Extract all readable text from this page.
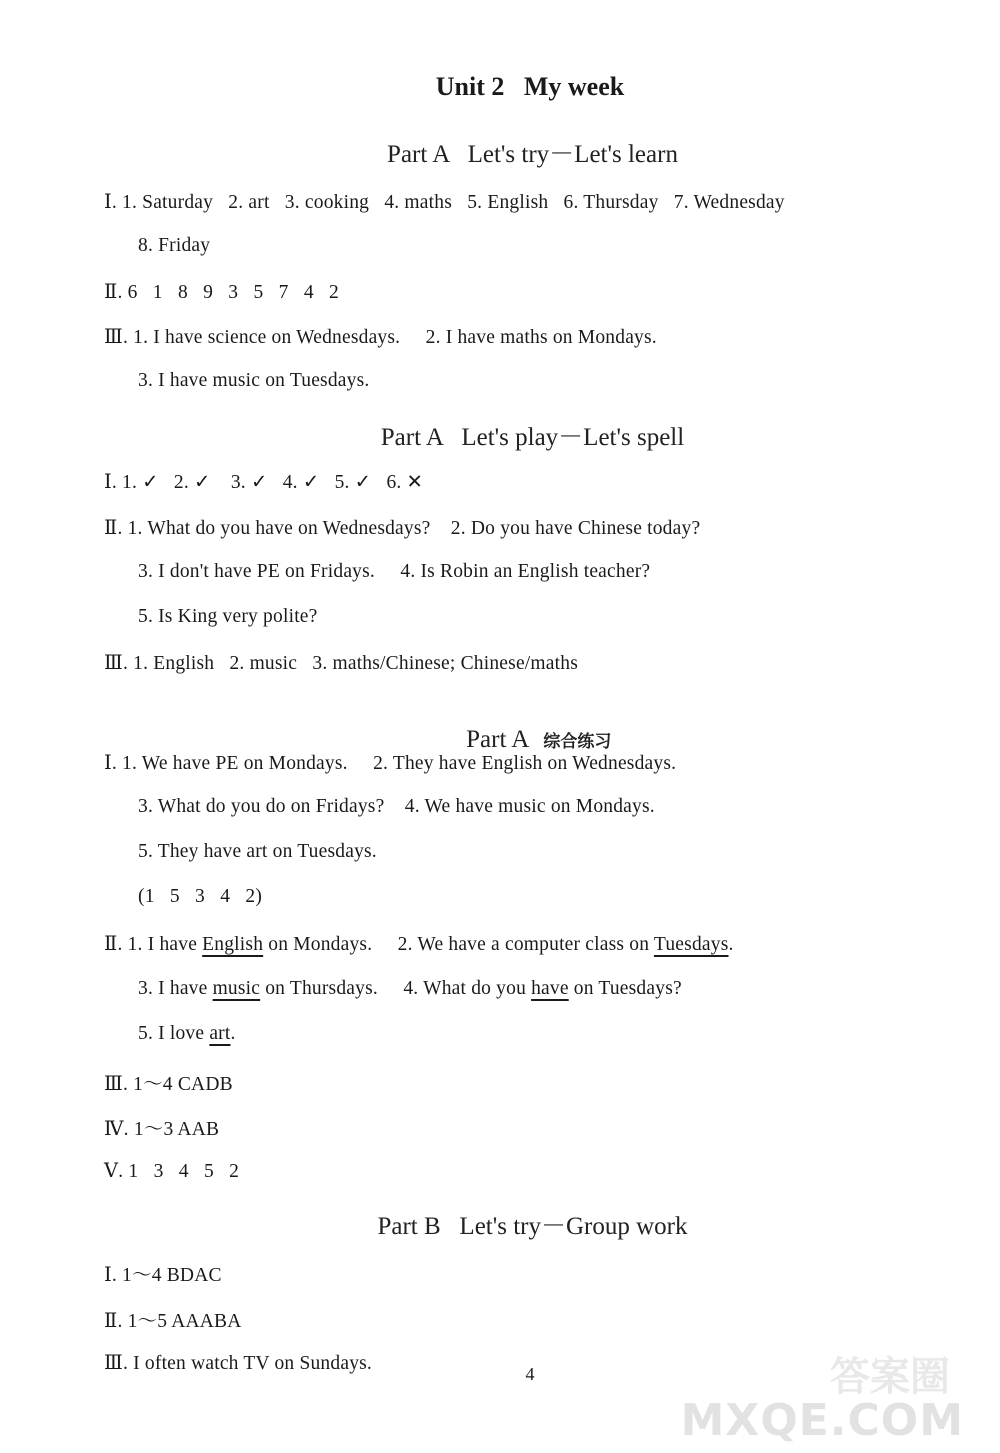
Unit 2   My week
Part A   Let's try－Let's learn
Ⅰ. 1. Saturday   2. art   3. cooking   4. maths   5. English   6. Thursday   7. Wednesday
8. Friday
Ⅱ. 6   1   8   9   3   5   7   4   2
Ⅲ. 1. I have science on Wednesdays.     2. I have maths on Mondays.
3. I have music on Tuesdays.
Part A   Let's play－Let's spell
Ⅰ. 1. ✓   2. ✓    3. ✓   4. ✓   5. ✓   6. ✕
Ⅱ. 1. What do you have on Wednesdays?    2. Do you have Chinese today?
3. I don't have PE on Fridays.     4. Is Robin an English teacher?
5. Is King very polite?
Ⅲ. 1. English   2. music   3. maths/Chinese; Chinese/maths

Part A 综合练习

Ⅰ. 1. We have PE on Mondays.     2. They have English on Wednesdays.
3. What do you do on Fridays?    4. We have music on Mondays.
5. They have art on Tuesdays.
(1   5   3   4   2)
Ⅱ. 1. I have English on Mondays.     2. We have a computer class on Tuesdays.
3. I have music on Thursdays.     4. What do you have on Tuesdays?
5. I love art.
Ⅲ. 1～4 CADB
Ⅳ. 1～3 AAB
Ⅴ. 1   3   4   5   2
Part B   Let's try－Group work
Ⅰ. 1～4 BDAC
Ⅱ. 1～5 AAABA
Ⅲ. I often watch TV on Sundays.	4	答案圈
MXQE.COM
